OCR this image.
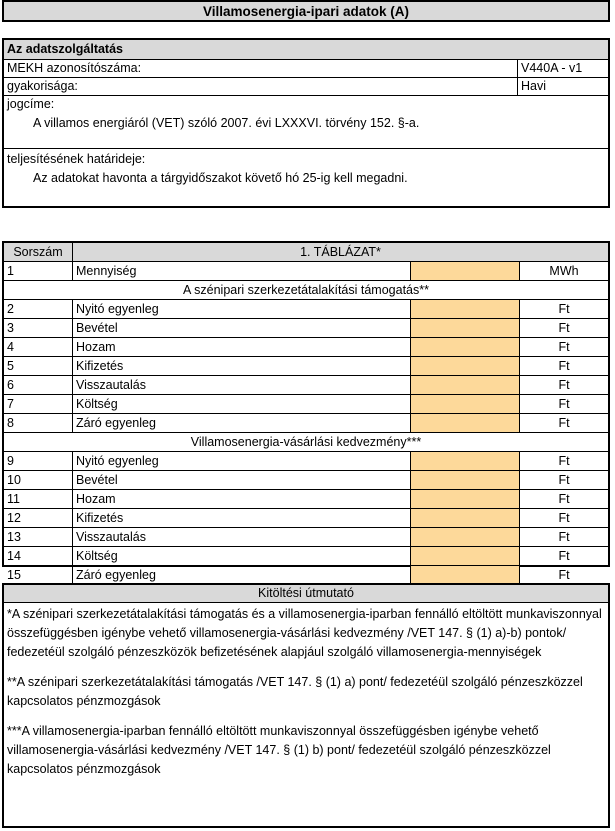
Villamosenergia-ipari adatok (A)
Az adatszolgáltatás
MEKH azonosítószáma:	V440A - v1
gyakorisága:	Havi
jogcíme:
A villamos energiáról (VET) szóló 2007. évi LXXXVI. törvény 152. §-a.
teljesítésének határideje:
Az adatokat havonta a tárgyidőszakot követő hó 25-ig kell megadni.
Sorszám	1. TÁBLÁZAT*
1	Mennyiség	MWh
A szénipari szerkezetátalakítási támogatás**
2	Nyitó egyenleg	Ft
3	Bevétel	Ft
4	Hozam	Ft
5	Kifizetés	Ft
6	Visszautalás	Ft
7	Költség	Ft
8	Záró egyenleg	Ft
Villamosenergia-vásárlási kedvezmény***
9	Nyitó egyenleg	Ft
10	Bevétel	Ft
11	Hozam	Ft
12	Kifizetés	Ft
13	Visszautalás	Ft
14	Költség	Ft
15	Záró egyenleg	Ft
Kitöltési útmutató

*A szénipari szerkezetátalakítási támogatás és a villamosenergia-iparban fennálló eltöltött munkaviszonnyal összefüggésben igénybe vehető villamosenergia-vásárlási kedvezmény /VET 147. § (1) a)-b) pontok/ fedezetéül szolgáló pénzeszközök befizetésének alapjául szolgáló villamosenergia-mennyiségek

**A szénipari szerkezetátalakítási támogatás /VET 147. § (1) a) pont/ fedezetéül szolgáló pénzeszközzel kapcsolatos pénzmozgások

***A villamosenergia-iparban fennálló eltöltött munkaviszonnyal összefüggésben igénybe vehető villamosenergia-vásárlási kedvezmény /VET 147. § (1) b) pont/ fedezetéül szolgáló pénzeszközzel kapcsolatos pénzmozgások
